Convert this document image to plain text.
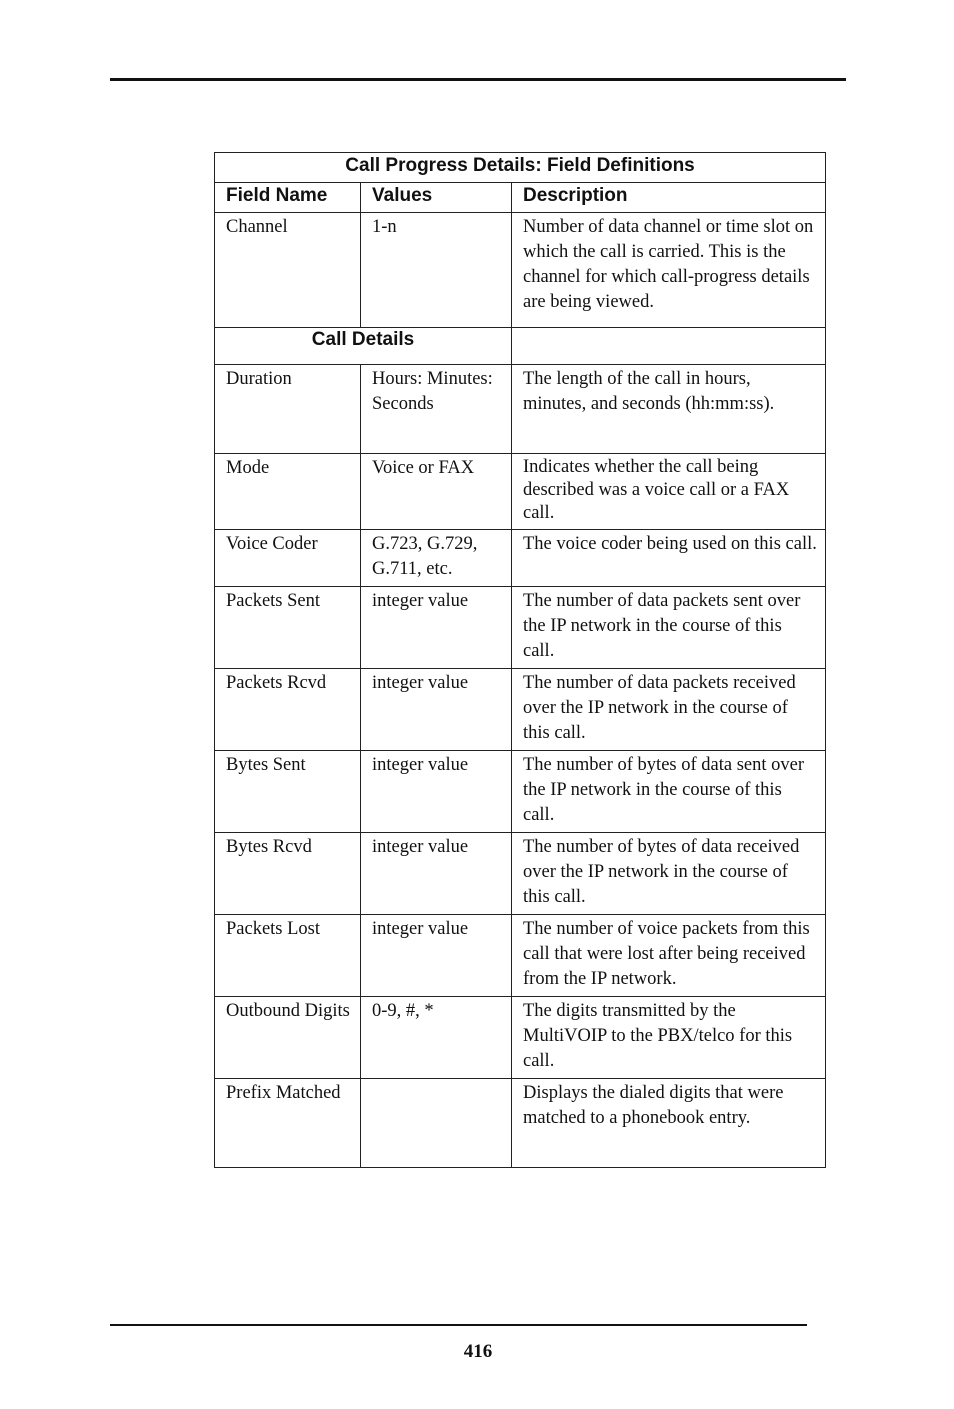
Call Progress Details: Field Definitions		
Field Name	Values	Description
Channel	1-n	Number of data channel or time slot on which the call is carried. This is the channel for which call-progress details are being viewed.
Call Details		
Duration	Hours: Minutes: Seconds	The length of the call in hours, minutes, and seconds (hh:mm:ss).
Mode	Voice or FAX	Indicates whether the call being described was a voice call or a FAX call.
Voice Coder	G.723, G.729, G.711, etc.	The voice coder being used on this call.
Packets Sent	integer value	The number of data packets sent over the IP network in the course of this call.
Packets Rcvd	integer value	The number of data packets received over the IP network in the course of this call.
Bytes Sent	integer value	The number of bytes of data sent over the IP network in the course of this call.
Bytes Rcvd	integer value	The number of bytes of data received over the IP network in the course of this call.
Packets Lost	integer value	The number of voice packets from this call that were lost after being received from the IP network.
Outbound Digits	0-9, #, *	The digits transmitted by the MultiVOIP to the PBX/telco for this call.
Prefix Matched		Displays the dialed digits that were matched to a phonebook entry.
416
